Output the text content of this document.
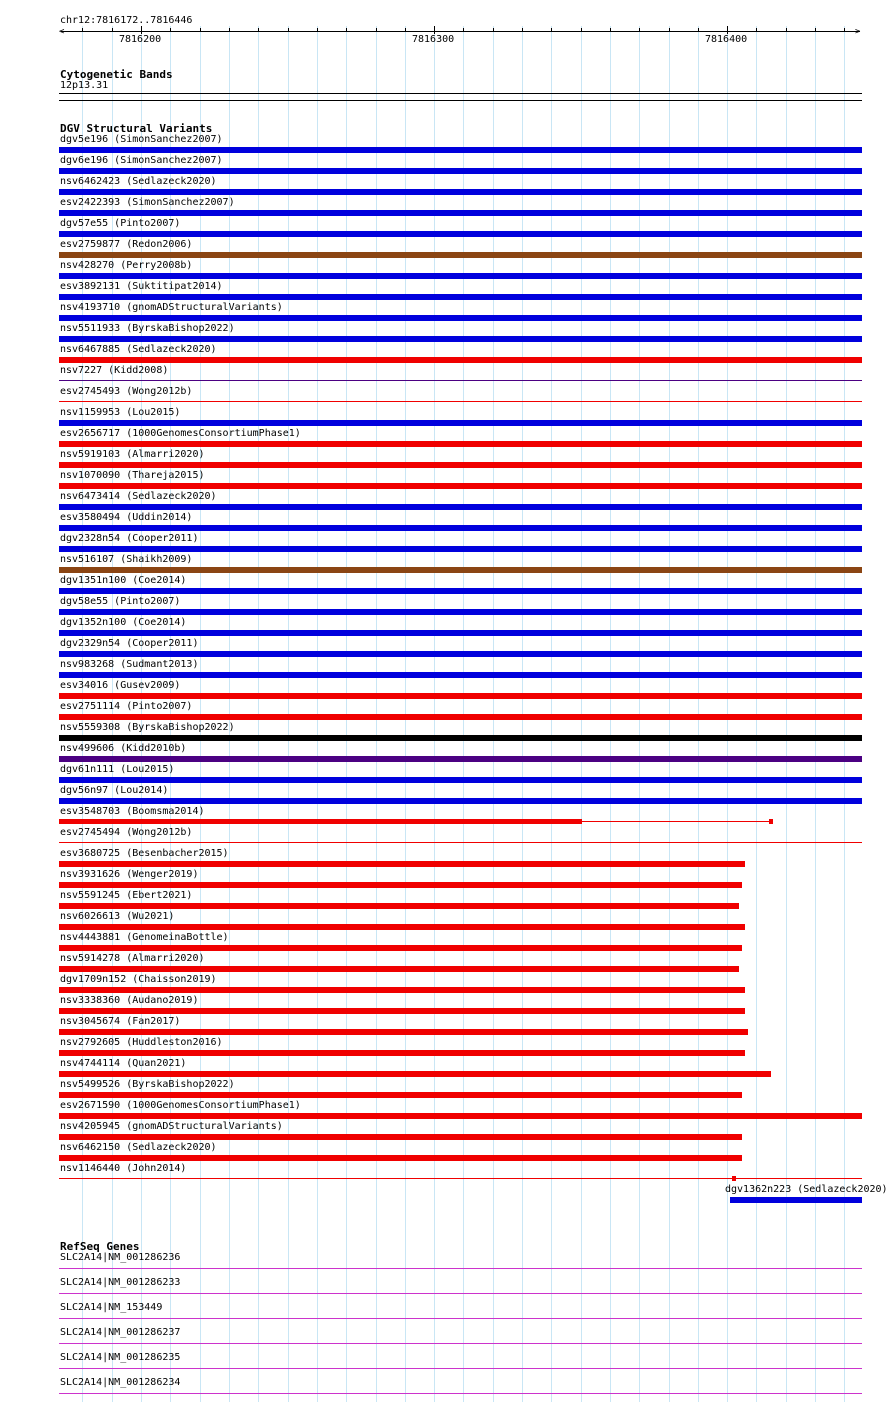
chr12:7816172..7816446
<	>
7816200	7816300	7816400
Cytogenetic Bands
12p13.31
DGV Structural Variants
dgv5e196 (SimonSanchez2007)
dgv6e196 (SimonSanchez2007)
nsv6462423 (Sedlazeck2020)
esv2422393 (SimonSanchez2007)
dgv57e55 (Pinto2007)
esv2759877 (Redon2006)
nsv428270 (Perry2008b)
esv3892131 (Suktitipat2014)
nsv4193710 (gnomADStructuralVariants)
nsv5511933 (ByrskaBishop2022)
nsv6467885 (Sedlazeck2020)
nsv7227 (Kidd2008)
esv2745493 (Wong2012b)
nsv1159953 (Lou2015)
esv2656717 (1000GenomesConsortiumPhase1)
nsv5919103 (Almarri2020)
nsv1070090 (Thareja2015)
nsv6473414 (Sedlazeck2020)
esv3580494 (Uddin2014)
dgv2328n54 (Cooper2011)
nsv516107 (Shaikh2009)
dgv1351n100 (Coe2014)
dgv58e55 (Pinto2007)
dgv1352n100 (Coe2014)
dgv2329n54 (Cooper2011)
nsv983268 (Sudmant2013)
esv34016 (Gusev2009)
esv2751114 (Pinto2007)
nsv5559308 (ByrskaBishop2022)
nsv499606 (Kidd2010b)
dgv61n111 (Lou2015)
dgv56n97 (Lou2014)
esv3548703 (Boomsma2014)
esv2745494 (Wong2012b)
esv3680725 (Besenbacher2015)
nsv3931626 (Wenger2019)
nsv5591245 (Ebert2021)
nsv6026613 (Wu2021)
nsv4443881 (GenomeinaBottle)
nsv5914278 (Almarri2020)
dgv1709n152 (Chaisson2019)
nsv3338360 (Audano2019)
nsv3045674 (Fan2017)
nsv2792605 (Huddleston2016)
nsv4744114 (Quan2021)
nsv5499526 (ByrskaBishop2022)
esv2671590 (1000GenomesConsortiumPhase1)
nsv4205945 (gnomADStructuralVariants)
nsv6462150 (Sedlazeck2020)
nsv1146440 (John2014)
dgv1362n223 (Sedlazeck2020)
RefSeq Genes
SLC2A14|NM_001286236
SLC2A14|NM_001286233
SLC2A14|NM_153449
SLC2A14|NM_001286237
SLC2A14|NM_001286235
SLC2A14|NM_001286234
